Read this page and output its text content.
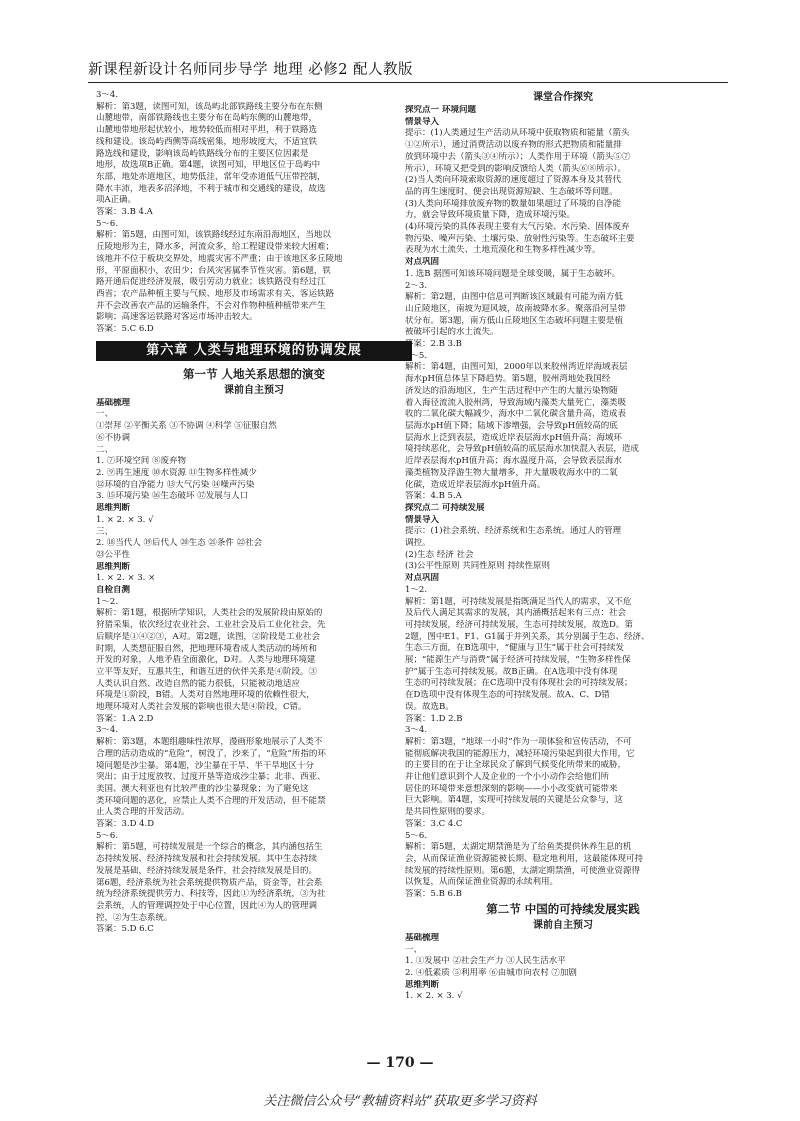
新课程新设计名师同步导学 地理 必修2 配人教版
3～4.
解析：第3题，读图可知，该岛屿北部铁路线主要分布在东侧
山麓地带，南部铁路线也主要分布在岛屿东侧的山麓地带，
山麓地带地形起伏较小，地势较低而相对平坦，利于铁路选
线和建设。该岛屿西侧等高线密集，地形坡度大，不适宜铁
路选线和建设，影响该岛屿铁路线分布的主要区位因素是
地形，故选项B正确。第4题，读图可知，甲地区位于岛屿中
东部，地处赤道地区，地势低洼，常年受赤道低气压带控制，
降水丰沛，地表多沼泽地，不利于城市和交通线的建设，故选
项A正确。
答案：3.B 4.A
5～6.
解析：第5题，由图可知，该铁路线经过东南沿海地区，当地以
丘陵地形为主，降水多，河流众多，给工程建设带来较大困难；
该地并不位于板块交界处，地震灾害不严重；由于该地区多丘陵地
形，平原面积小，农田少；台风灾害属季节性灾害。第6题，铁
路开通后促进经济发展，吸引劳动力就业；该铁路没有经过江
西省；农产品种植主要与气候、地形及市场需求有关，客运铁路
并不会改善农产品的运输条件，不会对作物种植种植带来产生
影响；高速客运铁路对客运市场冲击较大。
答案：5.C 6.D
第六章 人类与地理环境的协调发展
第一节 人地关系思想的演变
课前自主预习
基础梳理
一、
①崇拜 ②平衡关系 ③不协调 ④科学 ⑤征服自然
⑥不协调
二、
1. ⑦环境空间 ⑧废弃物
2. ⑨再生速度 ⑩水资源 ⑪生物多样性减少
⑫环境的自净能力 ⑬大气污染 ⑭噪声污染
3. ⑮环境污染 ⑯生态破坏 ⑰发展与人口
思维判断
1. × 2. × 3. √
三、
2. ⑱当代人 ⑲后代人 ⑳生态 ㉑条件 ㉒社会
㉓公平性
思维判断
1. × 2. × 3. ×
自检自测
1～2.
解析：第1题，根据所学知识，人类社会的发展阶段由原始的
狩猎采集，依次经过农业社会、工业社会及后工业化社会，先
后顺序是①④②③，A对。第2题，读图，②阶段是工业社会
时期，人类想征服自然，把地理环境看成人类活动的场所和
开发的对象，人地矛盾全面激化，D对。人类与地理环境建
立平等友好，互惠共生，和谐互进的伙伴关系是④阶段。③
人类认识自然、改造自然的能力很低，只能被动地适应
环境是①阶段，B错。人类对自然地理环境的依赖性很大，
地理环境对人类社会发展的影响也很大是④阶段，C错。
答案：1.A 2.D
3～4.
解析：第3题，本题组趣味性浓厚，漫画形象地展示了人类不
合理的活动造成的“危险”，树没了，沙来了，“危险”所指的环
境问题是沙尘暴。第4题，沙尘暴在干旱、半干旱地区十分
突出；由于过度放牧、过度开垦等造成沙尘暴；北非、西亚、
美国、澳大利亚也有比较严重的沙尘暴现象；为了避免这
类环境问题的恶化，应禁止人类不合理的开发活动，但不能禁
止人类合理的开发活动。
答案：3.D 4.D
5～6.
解析：第5题，可持续发展是一个综合的概念，其内涵包括生
态持续发展、经济持续发展和社会持续发展。其中生态持续
发展是基础，经济持续发展是条件，社会持续发展是目的。
第6题，经济系统为社会系统提供物质产品，资金等，社会系
统为经济系统提供劳力、科技等，因此①为经济系统，③为社
会系统，人的管理调控处于中心位置，因此④为人的管理调
控，②为生态系统。
答案：5.D 6.C
课堂合作探究
探究点一 环境问题
情景导入
提示：(1)人类通过生产活动从环境中获取物质和能量（箭头
①②所示），通过消费活动以废弃物的形式把物质和能量排
放到环境中去（箭头③④所示）；人类作用于环境（箭头⑤⑦
所示），环境又把受到的影响反馈给人类（箭头⑥⑧所示）。
(2)当人类向环境索取资源的速度超过了资源本身及其替代
品的再生速度时，便会出现资源短缺、生态破坏等问题。
(3)人类向环境排放废弃物的数量如果超过了环境的自净能
力，就会导致环境质量下降，造成环境污染。
(4)环境污染的具体表现主要有大气污染、水污染、固体废弃
物污染、噪声污染、土壤污染、放射性污染等。生态破坏主要
表现为水土流失、土地荒漠化和生物多样性减少等。
对点巩固
1. 选B 据图可知该环境问题是全球变暖，属于生态破坏。
2～3.
解析：第2题，由图中信息可判断该区域最有可能为南方低
山丘陵地区，南坡为迎风坡，故南坡降水多。聚落沿河呈带
状分布。第3题，南方低山丘陵地区生态破坏问题主要是植
被破坏引起的水土流失。
答案：2.B 3.B
4～5.
解析：第4题，由图可知，2000年以来胶州湾近岸海域表层
海水pH值总体呈下降趋势。第5题，胶州湾地处我国经
济发达的沿海地区，生产生活过程中产生的大量污染物随
着入海径流流入胶州湾，导致海域内藻类大量死亡，藻类吸
收的二氧化碳大幅减少，海水中二氧化碳含量升高，造成表
层海水pH值下降；陆域下渗增强，会导致pH值较高的底
层海水上泛到表层，造成近岸表层海水pH值升高；海域环
境持续恶化，会导致pH值较高的底层海水加快混入表层，造成
近岸表层海水pH值升高；海水温度升高，会导致表层海水
藻类植物及浮游生物大量增多，并大量吸收海水中的二氧
化碳，造成近岸表层海水pH值升高。
答案：4.B 5.A
探究点二 可持续发展
情景导入
提示：(1)社会系统、经济系统和生态系统。通过人的管理
调控。
(2)生态 经济 社会
(3)公平性原则 共同性原则 持续性原则
对点巩固
1～2.
解析：第1题，可持续发展是指既满足当代人的需求，又不危
及后代人满足其需求的发展，其内涵概括起来有三点：社会
可持续发展，经济可持续发展，生态可持续发展，故选D。第
2题，图中E1、F1、G1属于并列关系，其分别属于生态、经济、
生态三方面，在B选项中，“健康与卫生”属于社会可持续发
展；“能源生产与消费”属于经济可持续发展，“生物多样性保
护”属于生态可持续发展。故B正确。在A选项中没有体现
生态的可持续发展；在C选项中没有体现社会的可持续发展；
在D选项中没有体现生态的可持续发展。故A、C、D错
误。故选B。
答案：1.D 2.B
3～4.
解析：第3题，“地球一小时”作为一项体验和宣传活动，不可
能彻底解决我国的能源压力，减轻环境污染起到很大作用，它
的主要目的在于让全球民众了解到气候变化所带来的威胁，
并让他们意识到个人及企业的一个小小动作会给他们所
居住的环境带来意想深刻的影响——小小改变就可能带来
巨大影响。第4题，实现可持续发展的关键是公众参与，这
是共同性原则的要求。
答案：3.C 4.C
5～6.
解析：第5题，太湖定期禁渔是为了给鱼类提供休养生息的机
会，从而保证渔业资源能被长期、稳定地利用，这最能体现可持
续发展的持续性原则。第6题，太湖定期禁渔，可使渔业资源得
以恢复，从而保证渔业资源的永续利用。
答案：5.B 6.B
第二节 中国的可持续发展实践
课前自主预习
基础梳理
一、
1. ①发展中 ②社会生产力 ③人民生活水平
2. ④低素质 ⑤利用率 ⑥由城市向农村 ⑦加剧
思维判断
1. × 2. × 3. √
— 170 —
关注微信公众号“教辅资料站”获取更多学习资料
